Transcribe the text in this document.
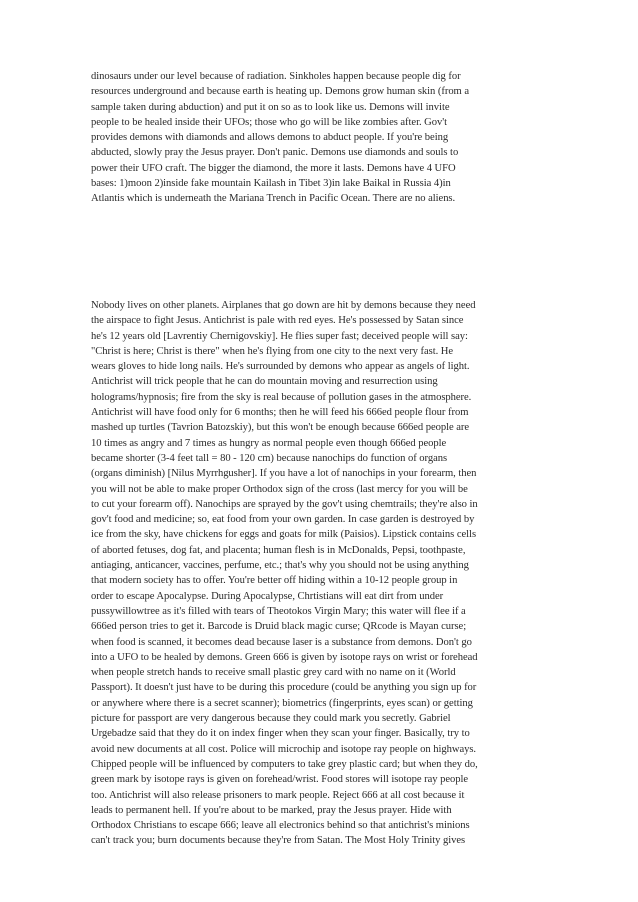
dinosaurs under our level because of radiation. Sinkholes happen because people dig for
resources underground and because earth is heating up. Demons grow human skin (from a
sample taken during abduction) and put it on so as to look like us. Demons will invite
people to be healed inside their UFOs; those who go will be like zombies after. Gov't
provides demons with diamonds and allows demons to abduct people. If you're being
abducted, slowly pray the Jesus prayer. Don't panic. Demons use diamonds and souls to
power their UFO craft. The bigger the diamond, the more it lasts. Demons have 4 UFO
bases: 1)moon 2)inside fake mountain Kailash in Tibet 3)in lake Baikal in Russia 4)in
Atlantis which is underneath the Mariana Trench in Pacific Ocean. There are no aliens.
Nobody lives on other planets. Airplanes that go down are hit by demons because they need
the airspace to fight Jesus. Antichrist is pale with red eyes. He's possessed by Satan since
he's 12 years old [Lavrentiy Chernigovskiy]. He flies super fast; deceived people will say:
"Christ is here; Christ is there" when he's flying from one city to the next very fast. He
wears gloves to hide long nails. He's surrounded by demons who appear as angels of light.
Antichrist will trick people that he can do mountain moving and resurrection using
holograms/hypnosis; fire from the sky is real because of pollution gases in the atmosphere.
Antichrist will have food only for 6 months; then he will feed his 666ed people flour from
mashed up turtles (Tavrion Batozskiy), but this won't be enough because 666ed people are
10 times as angry and 7 times as hungry as normal people even though 666ed people
became shorter (3-4 feet tall = 80 - 120 cm) because nanochips do function of organs
(organs diminish) [Nilus Myrrhgusher]. If you have a lot of nanochips in your forearm, then
you will not be able to make proper Orthodox sign of the cross (last mercy for you will be
to cut your forearm off). Nanochips are sprayed by the gov't using chemtrails; they're also in
gov't food and medicine; so, eat food from your own garden. In case garden is destroyed by
ice from the sky, have chickens for eggs and goats for milk (Paisios). Lipstick contains cells
of aborted fetuses, dog fat, and placenta; human flesh is in McDonalds, Pepsi, toothpaste,
antiaging, anticancer, vaccines, perfume, etc.; that's why you should not be using anything
that modern society has to offer. You're better off hiding within a 10-12 people group in
order to escape Apocalypse. During Apocalypse, Chrtistians will eat dirt from under
pussywillowtree as it's filled with tears of Theotokos Virgin Mary; this water will flee if a
666ed person tries to get it. Barcode is Druid black magic curse; QRcode is Mayan curse;
when food is scanned, it becomes dead because laser is a substance from demons. Don't go
into a UFO to be healed by demons. Green 666 is given by isotope rays on wrist or forehead
when people stretch hands to receive small plastic grey card with no name on it (World
Passport). It doesn't just have to be during this procedure (could be anything you sign up for
or anywhere where there is a secret scanner); biometrics (fingerprints, eyes scan) or getting
picture for passport are very dangerous because they could mark you secretly. Gabriel
Urgebadze said that they do it on index finger when they scan your finger. Basically, try to
avoid new documents at all cost. Police will microchip and isotope ray people on highways.
Chipped people will be influenced by computers to take grey plastic card; but when they do,
green mark by isotope rays is given on forehead/wrist. Food stores will isotope ray people
too. Antichrist will also release prisoners to mark people. Reject 666 at all cost because it
leads to permanent hell. If you're about to be marked, pray the Jesus prayer. Hide with
Orthodox Christians to escape 666; leave all electronics behind so that antichrist's minions
can't track you; burn documents because they're from Satan. The Most Holy Trinity gives
